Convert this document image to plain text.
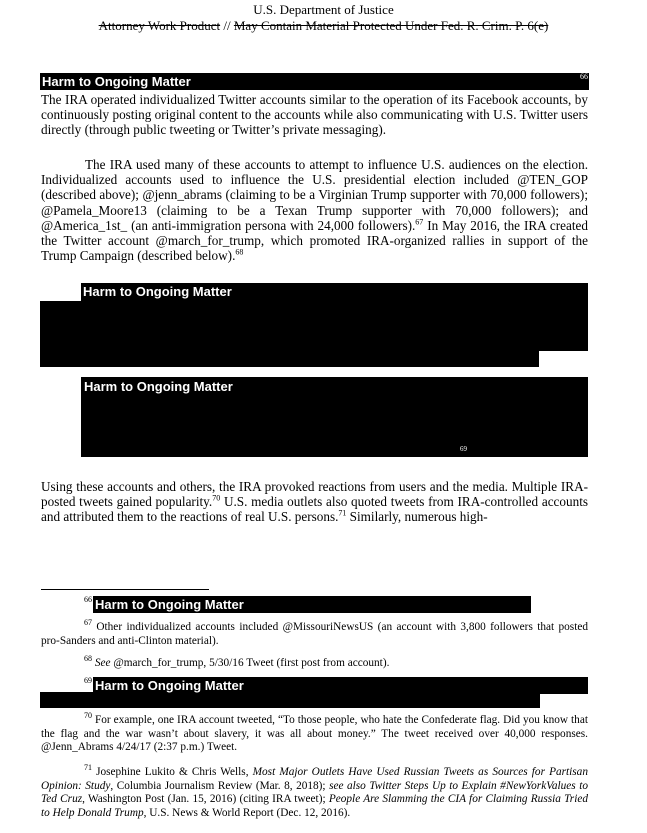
U.S. Department of Justice
Attorney Work Product // May Contain Material Protected Under Fed. R. Crim. P. 6(e)
Harm to Ongoing Matter	66
The IRA operated individualized Twitter accounts similar to the operation of its Facebook accounts, by continuously posting original content to the accounts while also communicating with U.S. Twitter users directly (through public tweeting or Twitter’s private messaging).
The IRA used many of these accounts to attempt to influence U.S. audiences on the election. Individualized accounts used to influence the U.S. presidential election included @TEN_GOP (described above); @jenn_abrams (claiming to be a Virginian Trump supporter with 70,000 followers); @Pamela_Moore13 (claiming to be a Texan Trump supporter with 70,000 followers); and @America_1st_ (an anti-immigration persona with 24,000 followers).$^{67}$ In May 2016, the IRA created the Twitter account @march_for_trump, which promoted IRA-organized rallies in support of the Trump Campaign (described below).$^{68}$
Harm to Ongoing Matter
Harm to Ongoing Matter
69
Using these accounts and others, the IRA provoked reactions from users and the media. Multiple IRA-posted tweets gained popularity.$^{70}$ U.S. media outlets also quoted tweets from IRA-controlled accounts and attributed them to the reactions of real U.S. persons.$^{71}$ Similarly, numerous high-
66 Harm to Ongoing Matter
$^{67}$ Other individualized accounts included @MissouriNewsUS (an account with 3,800 followers that posted pro-Sanders and anti-Clinton material).
$^{68}$ See @march_for_trump, 5/30/16 Tweet (first post from account).
69 Harm to Ongoing Matter
$^{70}$ For example, one IRA account tweeted, “To those people, who hate the Confederate flag. Did you know that the flag and the war wasn’t about slavery, it was all about money.” The tweet received over 40,000 responses. @Jenn_Abrams 4/24/17 (2:37 p.m.) Tweet.
$^{71}$ Josephine Lukito & Chris Wells, Most Major Outlets Have Used Russian Tweets as Sources for Partisan Opinion: Study, Columbia Journalism Review (Mar. 8, 2018); see also Twitter Steps Up to Explain #NewYorkValues to Ted Cruz, Washington Post (Jan. 15, 2016) (citing IRA tweet); People Are Slamming the CIA for Claiming Russia Tried to Help Donald Trump, U.S. News & World Report (Dec. 12, 2016).
